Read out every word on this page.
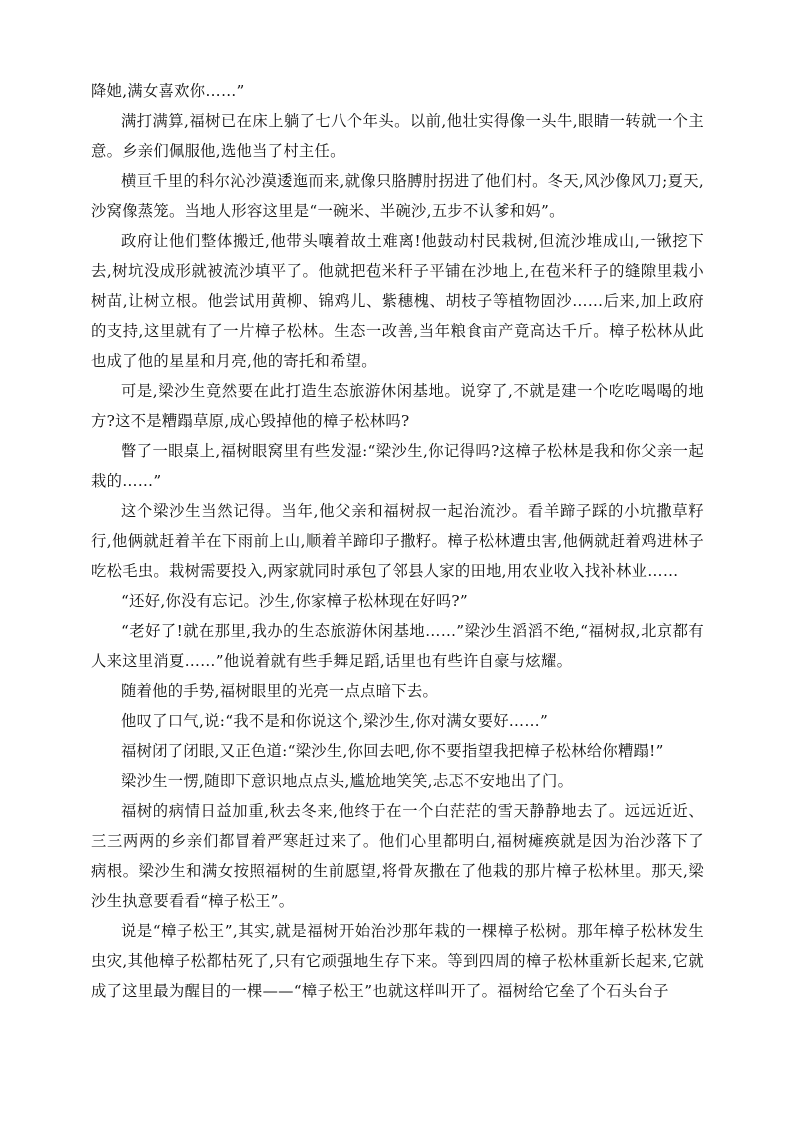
降她,满女喜欢你……”

满打满算,福树已在床上躺了七八个年头。以前,他壮实得像一头牛,眼睛一转就一个主意。乡亲们佩服他,选他当了村主任。

横亘千里的科尔沁沙漠逶迤而来,就像只胳膊肘拐进了他们村。冬天,风沙像风刀;夏天,沙窝像蒸笼。当地人形容这里是“一碗米、半碗沙,五步不认爹和妈”。

政府让他们整体搬迁,他带头嚷着故土难离!他鼓动村民栽树,但流沙堆成山,一锹挖下去,树坑没成形就被流沙填平了。他就把苞米秆子平铺在沙地上,在苞米秆子的缝隙里栽小树苗,让树立根。他尝试用黄柳、锦鸡儿、紫穗槐、胡枝子等植物固沙……后来,加上政府的支持,这里就有了一片樟子松林。生态一改善,当年粮食亩产竟高达千斤。樟子松林从此也成了他的星星和月亮,他的寄托和希望。

可是,梁沙生竟然要在此打造生态旅游休闲基地。说穿了,不就是建一个吃吃喝喝的地方?这不是糟蹋草原,成心毁掉他的樟子松林吗?

瞥了一眼桌上,福树眼窝里有些发湿:“梁沙生,你记得吗?这樟子松林是我和你父亲一起栽的……”

这个梁沙生当然记得。当年,他父亲和福树叔一起治流沙。看羊蹄子踩的小坑撒草籽行,他俩就赶着羊在下雨前上山,顺着羊蹄印子撒籽。樟子松林遭虫害,他俩就赶着鸡进林子吃松毛虫。栽树需要投入,两家就同时承包了邻县人家的田地,用农业收入找补林业……

“还好,你没有忘记。沙生,你家樟子松林现在好吗?”

“老好了!就在那里,我办的生态旅游休闲基地……”梁沙生滔滔不绝,“福树叔,北京都有人来这里消夏……”他说着就有些手舞足蹈,话里也有些许自豪与炫耀。

随着他的手势,福树眼里的光亮一点点暗下去。

他叹了口气,说:“我不是和你说这个,梁沙生,你对满女要好……”

福树闭了闭眼,又正色道:“梁沙生,你回去吧,你不要指望我把樟子松林给你糟蹋!”

梁沙生一愣,随即下意识地点点头,尴尬地笑笑,忐忑不安地出了门。

福树的病情日益加重,秋去冬来,他终于在一个白茫茫的雪天静静地去了。远远近近、三三两两的乡亲们都冒着严寒赶过来了。他们心里都明白,福树瘫痪就是因为治沙落下了病根。梁沙生和满女按照福树的生前愿望,将骨灰撒在了他栽的那片樟子松林里。那天,梁沙生执意要看看“樟子松王”。

说是“樟子松王”,其实,就是福树开始治沙那年栽的一棵樟子松树。那年樟子松林发生虫灾,其他樟子松都枯死了,只有它顽强地生存下来。等到四周的樟子松林重新长起来,它就成了这里最为醒目的一棵——“樟子松王”也就这样叫开了。福树给它垒了个石头台子
